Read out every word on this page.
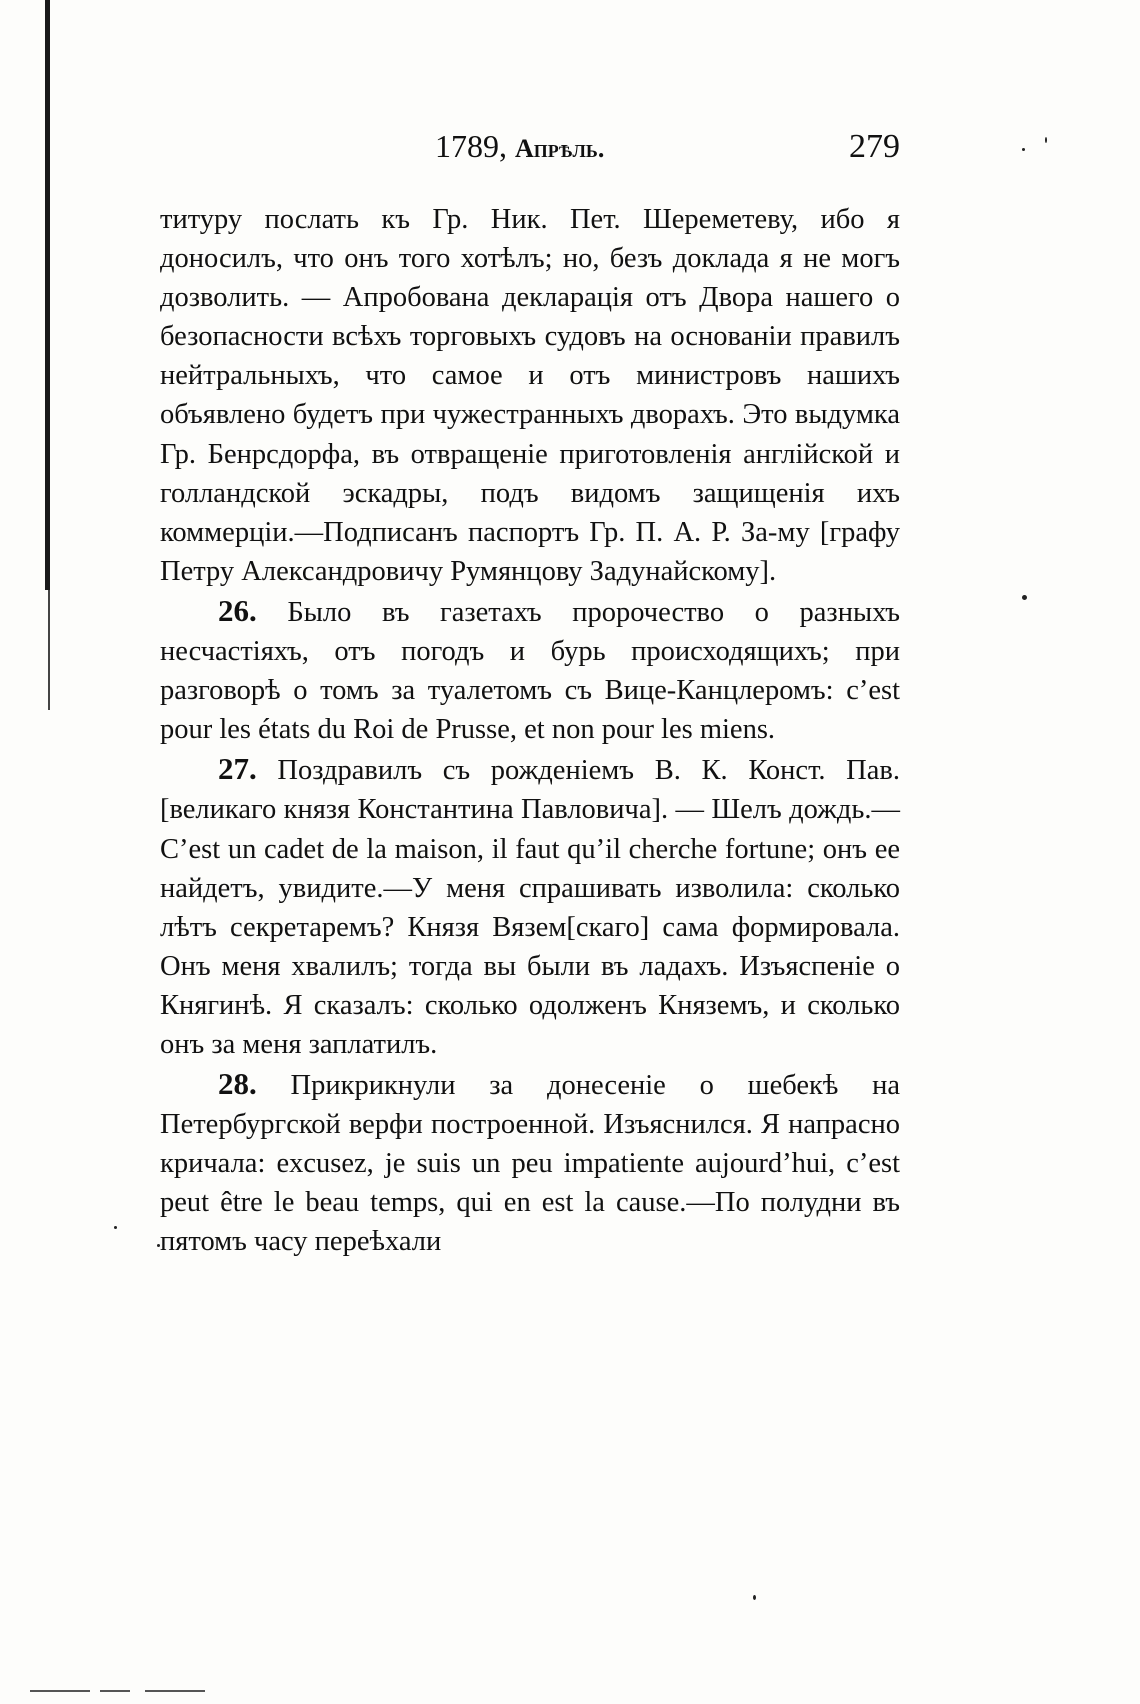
1789, Апрѣль.	279

титуру послать къ Гр. Ник. Пет. Шереметеву, ибо я доносилъ, что онъ того хотѣлъ; но, безъ доклада я не могъ дозволить. — Апробована декларація отъ Двора нашего о безопасности всѣхъ торговыхъ судовъ на основаніи правилъ нейтральныхъ, что самое и отъ министровъ нашихъ объявлено будетъ при чужестранныхъ дворахъ. Это выдумка Гр. Бенрсдорфа, въ отвращеніе приготовленія англійской и голландской эскадры, подъ видомъ защищенія ихъ коммерціи.—Подписанъ паспортъ Гр. П. А. Р. За-му [графу Петру Александровичу Румянцову Задунайскому].

26. Было въ газетахъ пророчество о разныхъ несчастіяхъ, отъ погодъ и бурь происходящихъ; при разговорѣ о томъ за туалетомъ съ Вице-Канцлеромъ: c’est pour les états du Roi de Prusse, et non pour les miens.

27. Поздравилъ съ рожденіемъ В. К. Конст. Пав. [великаго князя Константина Павловича]. — Шелъ дождь.—C’est un cadet de la maison, il faut qu’il cherche fortune; онъ ее найдетъ, увидите.—У меня спрашивать изволила: сколько лѣтъ секретаремъ? Князя Вязем[скаго] сама формировала. Онъ меня хвалилъ; тогда вы были въ ладахъ. Изъяспеніе о Княгинѣ. Я сказалъ: сколько одолженъ Княземъ, и сколько онъ за меня заплатилъ.

28. Прикрикнули за донесеніе о шебекѣ на Петербургской верфи построенной. Изъяснился. Я напрасно кричала: excusez, je suis un peu impatiente aujourd’hui, c’est peut être le beau temps, qui en est la cause.—По полудни въ пятомъ часу переѣхали
